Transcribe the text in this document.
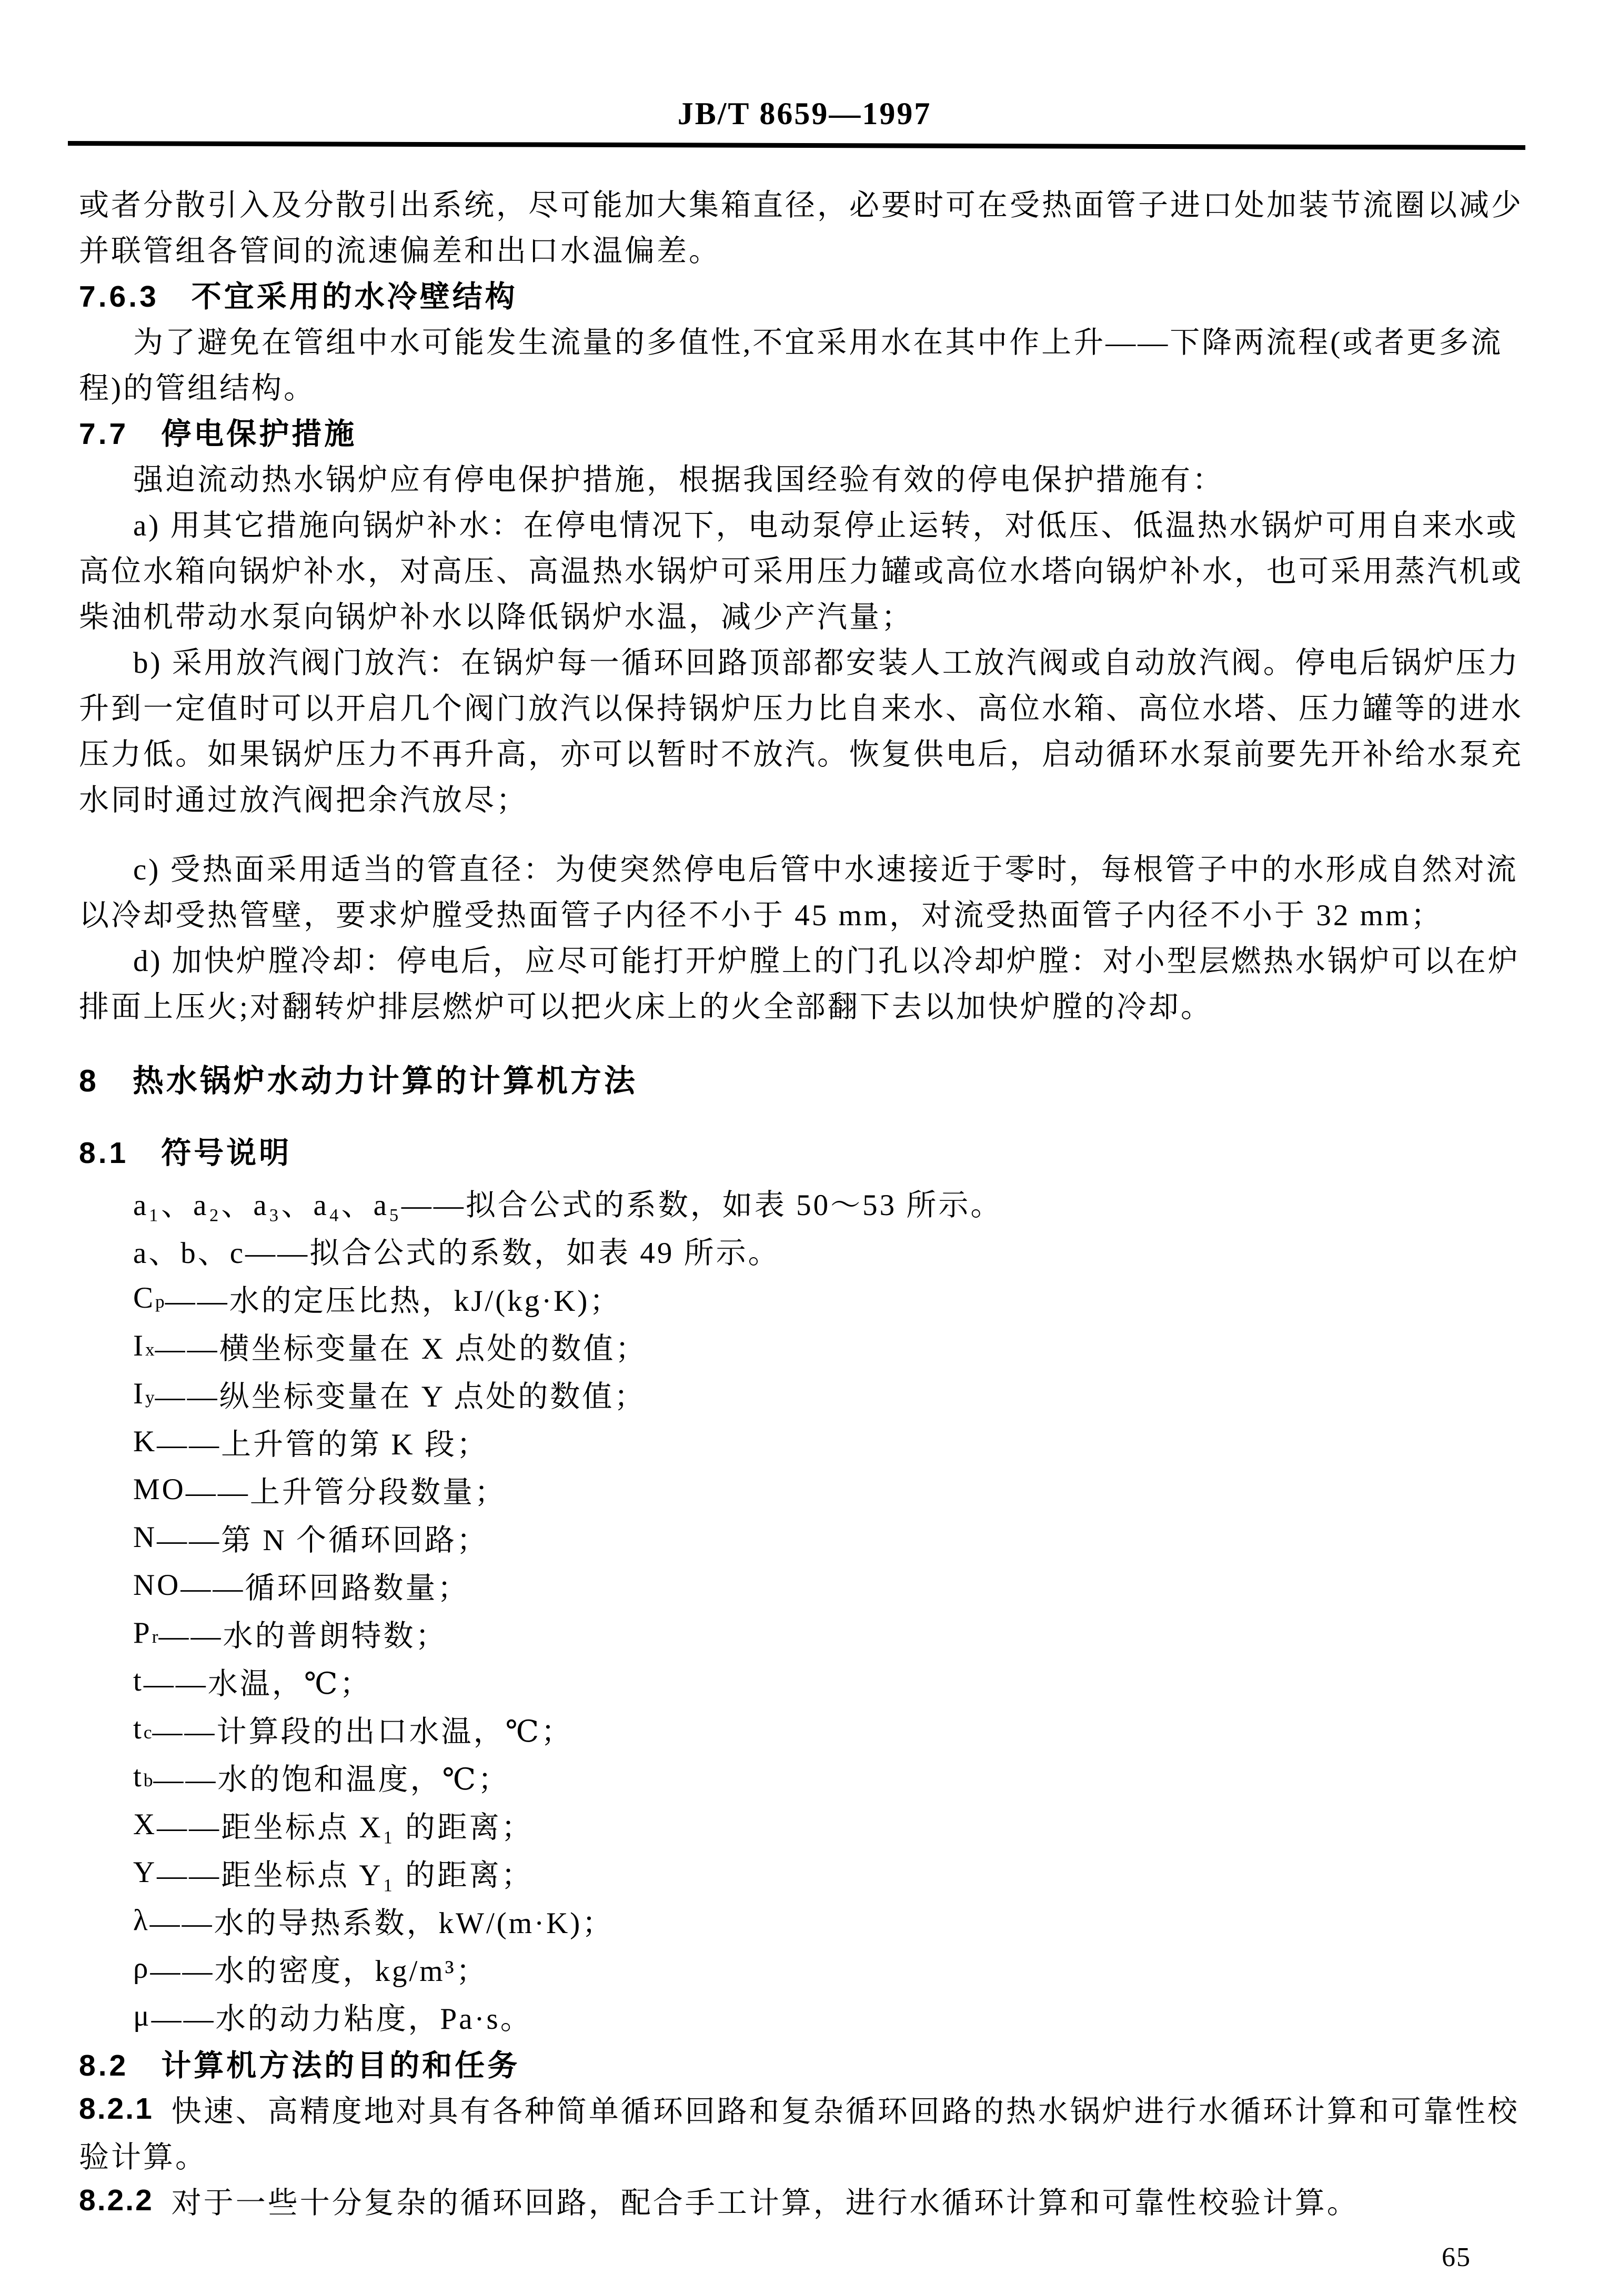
JB/T 8659—1997
或者分散引入及分散引出系统，尽可能加大集箱直径，必要时可在受热面管子进口处加装节流圈以减少
并联管组各管间的流速偏差和出口水温偏差。
7.6.3　不宜采用的水冷壁结构
为了避免在管组中水可能发生流量的多值性,不宜采用水在其中作上升——下降两流程(或者更多流
程)的管组结构。
7.7　停电保护措施
强迫流动热水锅炉应有停电保护措施，根据我国经验有效的停电保护措施有：
a) 用其它措施向锅炉补水：在停电情况下，电动泵停止运转，对低压、低温热水锅炉可用自来水或
高位水箱向锅炉补水，对高压、高温热水锅炉可采用压力罐或高位水塔向锅炉补水，也可采用蒸汽机或
柴油机带动水泵向锅炉补水以降低锅炉水温，减少产汽量；
b) 采用放汽阀门放汽：在锅炉每一循环回路顶部都安装人工放汽阀或自动放汽阀。停电后锅炉压力
升到一定值时可以开启几个阀门放汽以保持锅炉压力比自来水、高位水箱、高位水塔、压力罐等的进水
压力低。如果锅炉压力不再升高，亦可以暂时不放汽。恢复供电后，启动循环水泵前要先开补给水泵充
水同时通过放汽阀把余汽放尽；
c) 受热面采用适当的管直径：为使突然停电后管中水速接近于零时，每根管子中的水形成自然对流
以冷却受热管壁，要求炉膛受热面管子内径不小于 45 mm，对流受热面管子内径不小于 32 mm；
d) 加快炉膛冷却：停电后，应尽可能打开炉膛上的门孔以冷却炉膛：对小型层燃热水锅炉可以在炉
排面上压火;对翻转炉排层燃炉可以把火床上的火全部翻下去以加快炉膛的冷却。
8　热水锅炉水动力计算的计算机方法
8.1　符号说明
a₁、a₂、a₃、a₄、a₅ ——拟合公式的系数，如表 50～53 所示。
a、b、c ——拟合公式的系数，如表 49 所示。
C p ——水的定压比热，kJ/(kg·K)；
I x ——横坐标变量在 X 点处的数值；
I y ——纵坐标变量在 Y 点处的数值；
K ——上升管的第 K 段；
MO ——上升管分段数量；
N ——第 N 个循环回路；
NO ——循环回路数量；
P r ——水的普朗特数；
t ——水温，℃；
t c ——计算段的出口水温，℃；
t b ——水的饱和温度，℃；
X ——距坐标点 X₁ 的距离；
Y ——距坐标点 Y₁ 的距离；
λ ——水的导热系数，kW/(m·K)；
ρ ——水的密度，kg/m³；
μ ——水的动力粘度，Pa·s。
8.2　计算机方法的目的和任务
8.2.1 快速、高精度地对具有各种简单循环回路和复杂循环回路的热水锅炉进行水循环计算和可靠性校
验计算。
8.2.2 对于一些十分复杂的循环回路，配合手工计算，进行水循环计算和可靠性校验计算。
65
